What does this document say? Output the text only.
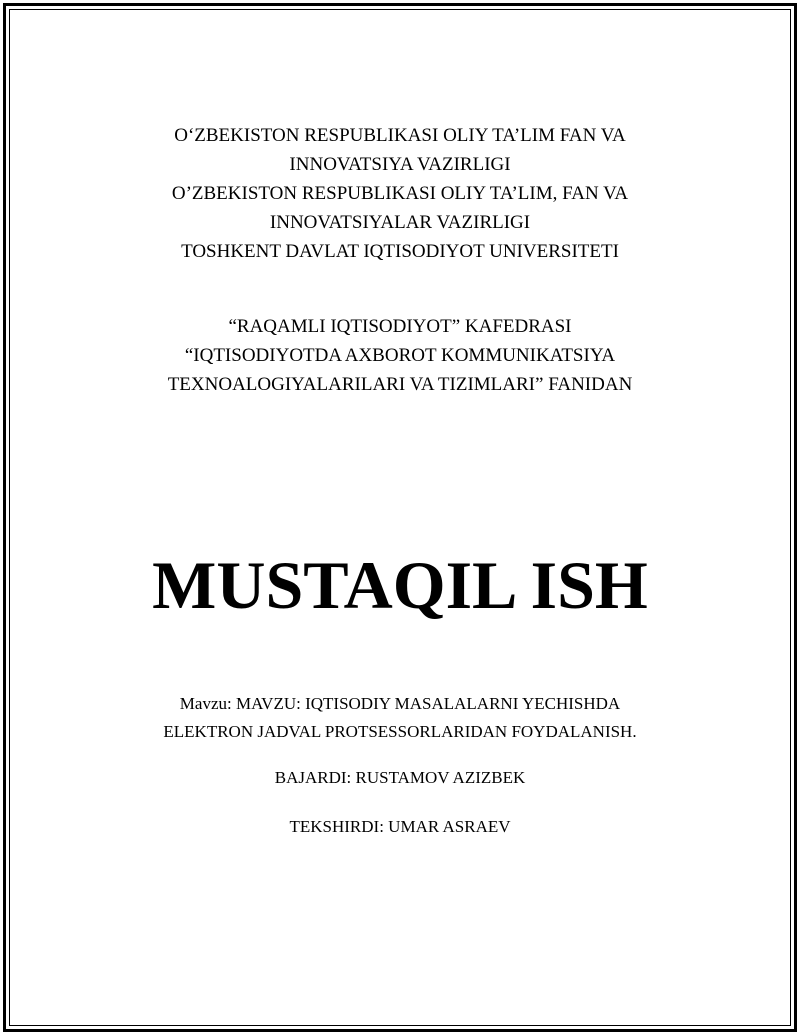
O‘ZBEKISTON RESPUBLIKASI OLIY TA’LIM FAN VA
INNOVATSIYA VAZIRLIGI
O’ZBEKISTON RESPUBLIKASI OLIY TA’LIM, FAN VA
INNOVATSIYALAR VAZIRLIGI
TOSHKENT DAVLAT IQTISODIYOT UNIVERSITETI
“RAQAMLI IQTISODIYOT” KAFEDRASI
“IQTISODIYOTDA AXBOROT KOMMUNIKATSIYA
TEXNOALOGIYALARILARI VA TIZIMLARI” FANIDAN
MUSTAQIL ISH
Mavzu: MAVZU: IQTISODIY MASALALARNI YECHISHDA
ELEKTRON JADVAL PROTSESSORLARIDAN FOYDALANISH.
BAJARDI: RUSTAMOV AZIZBEK
TEKSHIRDI: UMAR ASRAEV
